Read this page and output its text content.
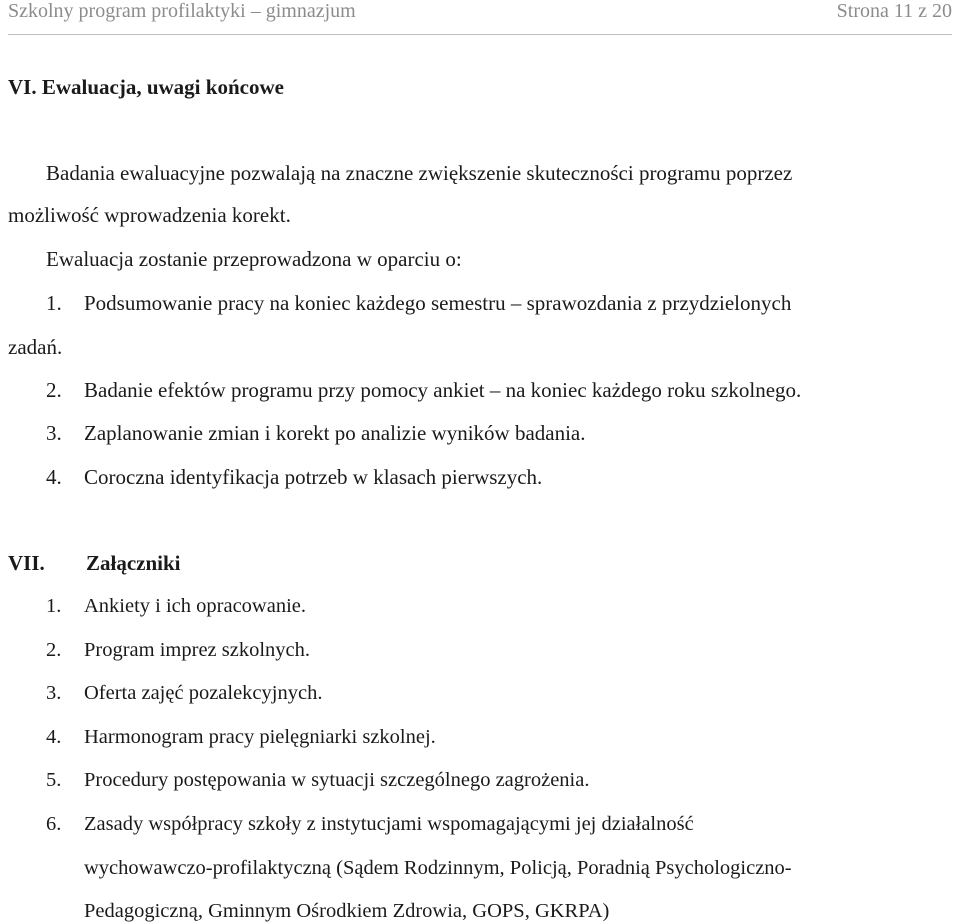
Szkolny program profilaktyki – gimnazjum	Strona 11 z 20
VI. Ewaluacja, uwagi końcowe
Badania ewaluacyjne pozwalają na znaczne zwiększenie skuteczności programu poprzez
możliwość wprowadzenia korekt.
Ewaluacja zostanie przeprowadzona w oparciu o:
1. Podsumowanie pracy na koniec każdego semestru – sprawozdania z przydzielonych
zadań.
2. Badanie efektów programu przy pomocy ankiet – na koniec każdego roku szkolnego.
3. Zaplanowanie zmian i korekt po analizie wyników badania.
4. Coroczna identyfikacja potrzeb w klasach pierwszych.
VII. Załączniki
1. Ankiety i ich opracowanie.
2. Program imprez szkolnych.
3. Oferta zajęć pozalekcyjnych.
4. Harmonogram pracy pielęgniarki szkolnej.
5. Procedury postępowania w sytuacji szczególnego zagrożenia.
6. Zasady współpracy szkoły z instytucjami wspomagającymi jej działalność
wychowawczo-profilaktyczną (Sądem Rodzinnym, Policją, Poradnią Psychologiczno-
Pedagogiczną, Gminnym Ośrodkiem Zdrowia, GOPS, GKRPA)
